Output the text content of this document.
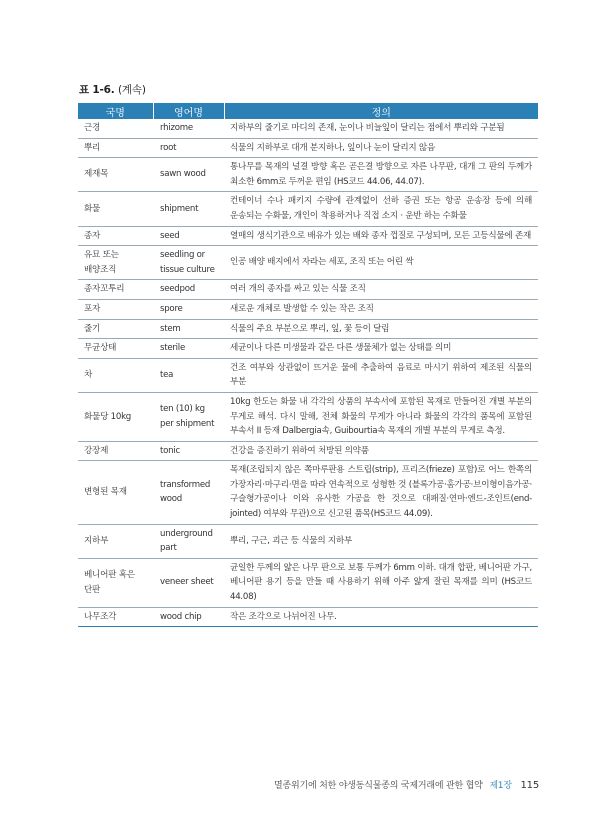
표 1-6. (계속)
국명	영어명	정의
근경	rhizome	지하부의 줄기로 마디의 존재, 눈이나 비늘잎이 달리는 점에서 뿌리와 구분됨
뿌리	root	식물의 지하부로 대개 분지하나, 잎이나 눈이 달리지 않음
제재목	sawn wood	통나무를 목재의 널결 방향 혹은 곧은결 방향으로 자른 나무판, 대개 그 판의 두께가 최소한 6mm로 두꺼운 편임 (HS코드 44.06, 44.07).
화물	shipment	컨테이너 수나 패키지 수량에 관계없이 선하 증권 또는 항공 운송장 등에 의해 운송되는 수화물, 개인이 착용하거나 직접 소지 · 운반 하는 수화물
종자	seed	열매의 생식기관으로 배유가 있는 배와 종자 껍질로 구성되며, 모든 고등식물에 존재
유묘 또는 배양조직	seedling or tissue culture	인공 배양 배지에서 자라는 세포, 조직 또는 어린 싹
종자꼬투리	seedpod	여러 개의 종자를 싸고 있는 식물 조직
포자	spore	새로운 개체로 발생할 수 있는 작은 조직
줄기	stem	식물의 주요 부분으로 뿌리, 잎, 꽃 등이 달림
무균상태	sterile	세균이나 다른 미생물과 같은 다른 생물체가 없는 상태를 의미
차	tea	건조 여부와 상관없이 뜨거운 물에 추출하여 음료로 마시기 위하여 제조된 식물의 부분
화물당 10kg	ten (10) kg per shipment	10kg 한도는 화물 내 각각의 상품의 부속서에 포함된 목재로 만들어진 개별 부분의 무게로 해석. 다시 말해, 전체 화물의 무게가 아니라 화물의 각각의 품목에 포함된 부속서 II 등재 Dalbergia속, Guibourtia속 목재의 개별 부분의 무게로 측정.
강장제	tonic	건강을 증진하기 위하여 처방된 의약품
변형된 목재	transformed wood	목재(조립되지 않은 쪽마루판용 스트립(strip), 프리즈(frieze) 포함)로 어느 한쪽의 가장자리·마구리·면을 따라 연속적으로 성형한 것 (블록가공·홈가공·브이형이음가공·구슬형가공이나 이와 유사한 가공을 한 것으로 대패질·연마·엔드-조인트(end-jointed) 여부와 무관)으로 신고된 품목(HS코드 44.09).
지하부	underground part	뿌리, 구근, 괴근 등 식물의 지하부
베니어판 혹은 단판	veneer sheet	균일한 두께의 얇은 나무 판으로 보통 두께가 6mm 이하. 대개 합판, 베니어판 가구, 베니어판 용기 등을 만들 때 사용하기 위해 아주 얇게 잘린 목재를 의미 (HS코드 44.08)
나무조각	wood chip	작은 조각으로 나뉘어진 나무.
멸종위기에 처한 야생동식물종의 국제거래에 관한 협약 제1장 115
